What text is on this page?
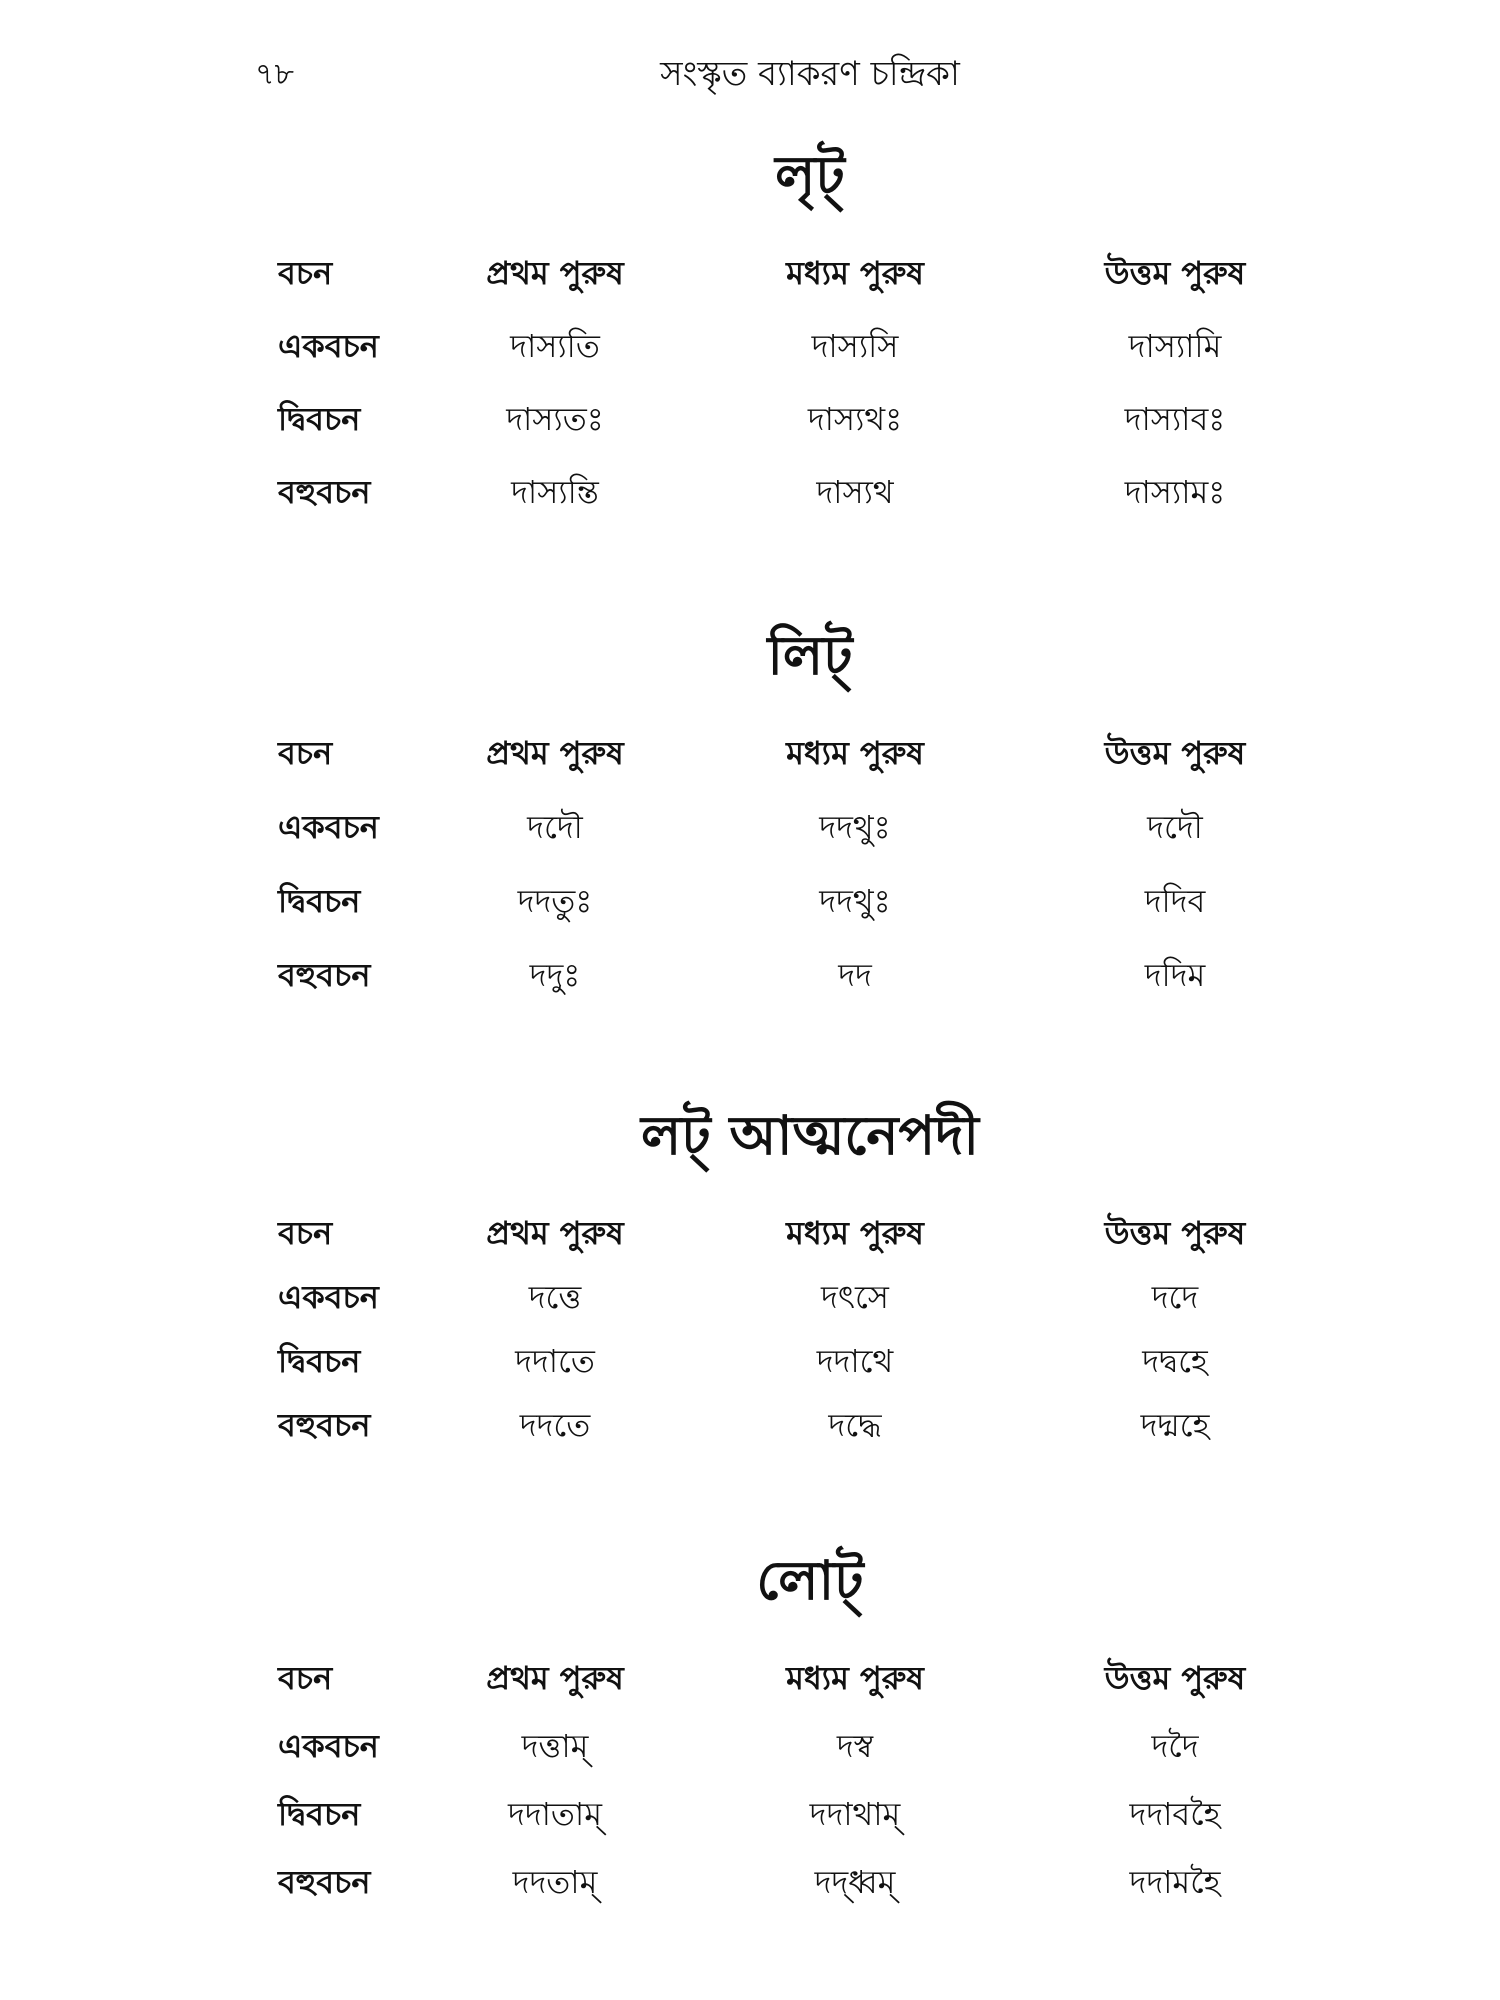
৭৮	সংস্কৃত ব্যাকরণ চন্দ্রিকা
লৃট্
বচন	প্রথম পুরুষ	মধ্যম পুরুষ	উত্তম পুরুষ
একবচন	দাস্যতি	দাস্যসি	দাস্যামি
দ্বিবচন	দাস্যতঃ	দাস্যথঃ	দাস্যাবঃ
বহুবচন	দাস্যন্তি	দাস্যথ	দাস্যামঃ
লিট্
বচন	প্রথম পুরুষ	মধ্যম পুরুষ	উত্তম পুরুষ
একবচন	দদৌ	দদথুঃ	দদৌ
দ্বিবচন	দদতুঃ	দদথুঃ	দদিব
বহুবচন	দদুঃ	দদ	দদিম
লট্ আত্মনেপদী
বচন	প্রথম পুরুষ	মধ্যম পুরুষ	উত্তম পুরুষ
একবচন	দত্তে	দৎসে	দদে
দ্বিবচন	দদাতে	দদাথে	দদ্বহে
বহুবচন	দদতে	দদ্ধে	দদ্মহে
লোট্
বচন	প্রথম পুরুষ	মধ্যম পুরুষ	উত্তম পুরুষ
একবচন	দত্তাম্	দস্ব	দদৈ
দ্বিবচন	দদাতাম্	দদাথাম্	দদাবহৈ
বহুবচন	দদতাম্	দদ্ধ্বম্	দদামহৈ
